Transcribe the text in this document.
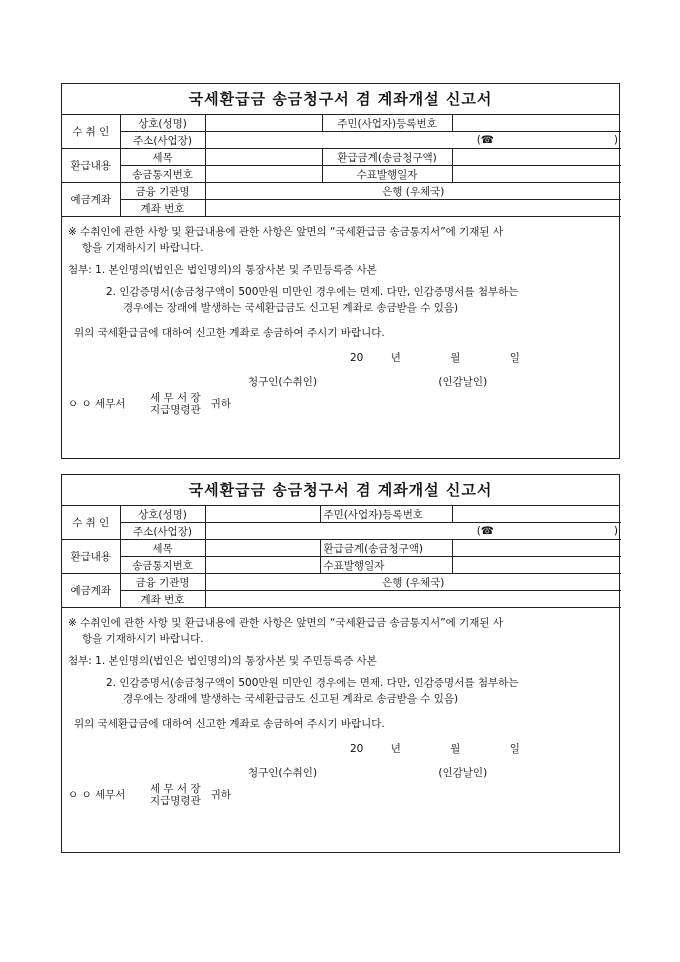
국세환급금 송금청구서 겸 계좌개설 신고서
수 취 인	상호(성명)		주민(사업자)등록번호	
	주소(사업장)	(☎ )		

환급내용	세목		환급금계(송금청구액)	
	송금통지번호		수표발행일자	
예금계좌	금융 기관명	은행 (우체국)		
	계좌 번호			
※ 수취인에 관한 사항 및 환급내용에 관한 사항은 앞면의 “국세환급금 송금통지서”에 기재된 사
항을 기재하시기 바랍니다.
첨부: 1. 본인명의(법인은 법인명의)의 통장사본 및 주민등록증 사본
2. 인감증명서(송금청구액이 500만원 미만인 경우에는 면제. 다만, 인감증명서를 첨부하는
경우에는 장래에 발생하는 국세환급금도 신고된 계좌로 송금받을 수 있음)
위의 국세환급금에 대하여 신고한 계좌로 송금하여 주시기 바랍니다.
20	년	월	일
청구인(수취인)	(인감날인)
ㅇ ㅇ 세무서	세 무 서 장
지급명령관 귀하
국세환급금 송금청구서 겸 계좌개설 신고서
수 취 인	상호(성명)		주민(사업자)등록번호	
	주소(사업장)	(☎ )		

환급내용	세목		환급금계(송금청구액)	
	송금통지번호		수표발행일자	
예금계좌	금융 기관명	은행 (우체국)		
	계좌 번호			
※ 수취인에 관한 사항 및 환급내용에 관한 사항은 앞면의 “국세환급금 송금통지서”에 기재된 사
항을 기재하시기 바랍니다.
첨부: 1. 본인명의(법인은 법인명의)의 통장사본 및 주민등록증 사본
2. 인감증명서(송금청구액이 500만원 미만인 경우에는 면제. 다만, 인감증명서를 첨부하는
경우에는 장래에 발생하는 국세환급금도 신고된 계좌로 송금받을 수 있음)
위의 국세환급금에 대하여 신고한 계좌로 송금하여 주시기 바랍니다.
20	년	월	일
청구인(수취인)	(인감날인)
ㅇ ㅇ 세무서	세 무 서 장
지급명령관 귀하
